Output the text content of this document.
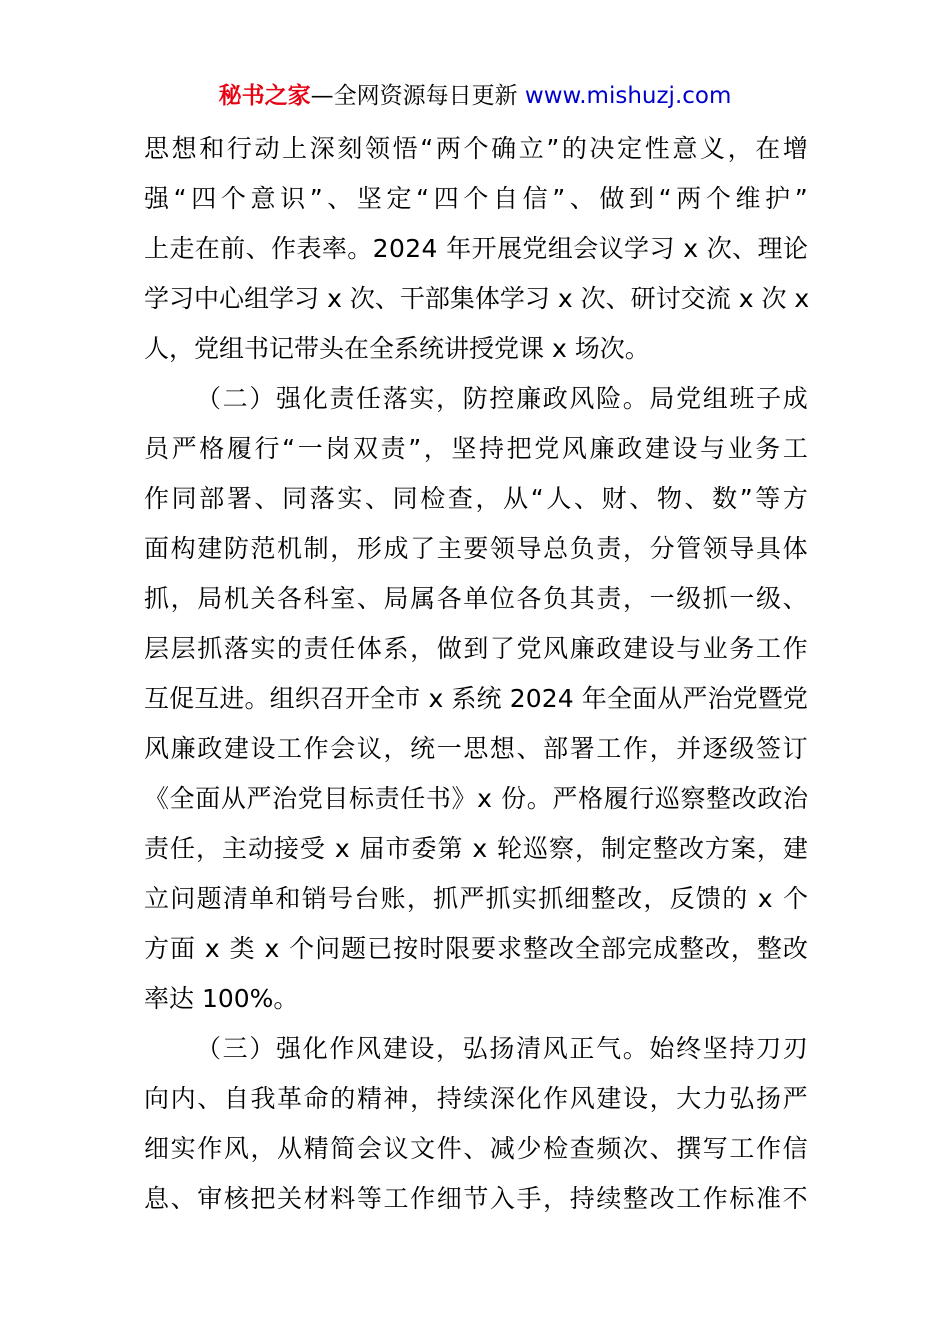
秘书之家—全网资源每日更新 www.mishuzj.com
思 想 和 行 动 上 深 刻 领 悟 “ 两 个 确 立 ” 的 决 定 性 意 义 ， 在 增
强 “ 四 个 意 识 ” 、 坚 定 “ 四 个 自 信 ” 、 做 到 “ 两 个 维 护 ”
上 走 在 前 、 作 表 率 。 2 0 2 4
年 开 展 党 组 会 议 学 习
x
次 、 理 论
学 习 中 心 组 学 习
x
次 、 干 部 集 体 学 习
x
次 、 研 讨 交 流
x
次
x
人，党组书记带头在全系统讲授党课 x 场次。
（ 二 ） 强 化 责 任 落 实 ， 防 控 廉 政 风 险 。 局 党 组 班 子 成
员 严 格 履 行 “ 一 岗 双 责 ” ， 坚 持 把 党 风 廉 政 建 设 与 业 务 工
作 同 部 署 、 同 落 实 、 同 检 查 ， 从 “ 人 、 财 、 物 、 数 ” 等 方
面 构 建 防 范 机 制 ， 形 成 了 主 要 领 导 总 负 责 ， 分 管 领 导 具 体
抓 ， 局 机 关 各 科 室 、 局 属 各 单 位 各 负 其 责 ， 一 级 抓 一 级 、
层 层 抓 落 实 的 责 任 体 系 ， 做 到 了 党 风 廉 政 建 设 与 业 务 工 作
互 促 互 进 。 组 织 召 开 全 市
x
系 统
2 0 2 4
年 全 面 从 严 治 党 暨 党
风 廉 政 建 设 工 作 会 议 ， 统 一 思 想 、 部 署 工 作 ， 并 逐 级 签 订
《 全 面 从 严 治 党 目 标 责 任 书 》 x
份 。 严 格 履 行 巡 察 整 改 政 治
责 任 ， 主 动 接 受
x
届 市 委 第
x
轮 巡 察 ， 制 定 整 改 方 案 ， 建
立 问 题 清 单 和 销 号 台 账 ， 抓 严 抓 实 抓 细 整 改 ， 反 馈 的
x
个
方 面
x
类
x
个 问 题 已 按 时 限 要 求 整 改 全 部 完 成 整 改 ， 整 改
率达 100%。
（ 三 ） 强 化 作 风 建 设 ， 弘 扬 清 风 正 气 。 始 终 坚 持 刀 刃
向 内 、 自 我 革 命 的 精 神 ， 持 续 深 化 作 风 建 设 ， 大 力 弘 扬 严
细 实 作 风 ， 从 精 简 会 议 文 件 、 减 少 检 查 频 次 、 撰 写 工 作 信
息 、 审 核 把 关 材 料 等 工 作 细 节 入 手 ， 持 续 整 改 工 作 标 准 不
